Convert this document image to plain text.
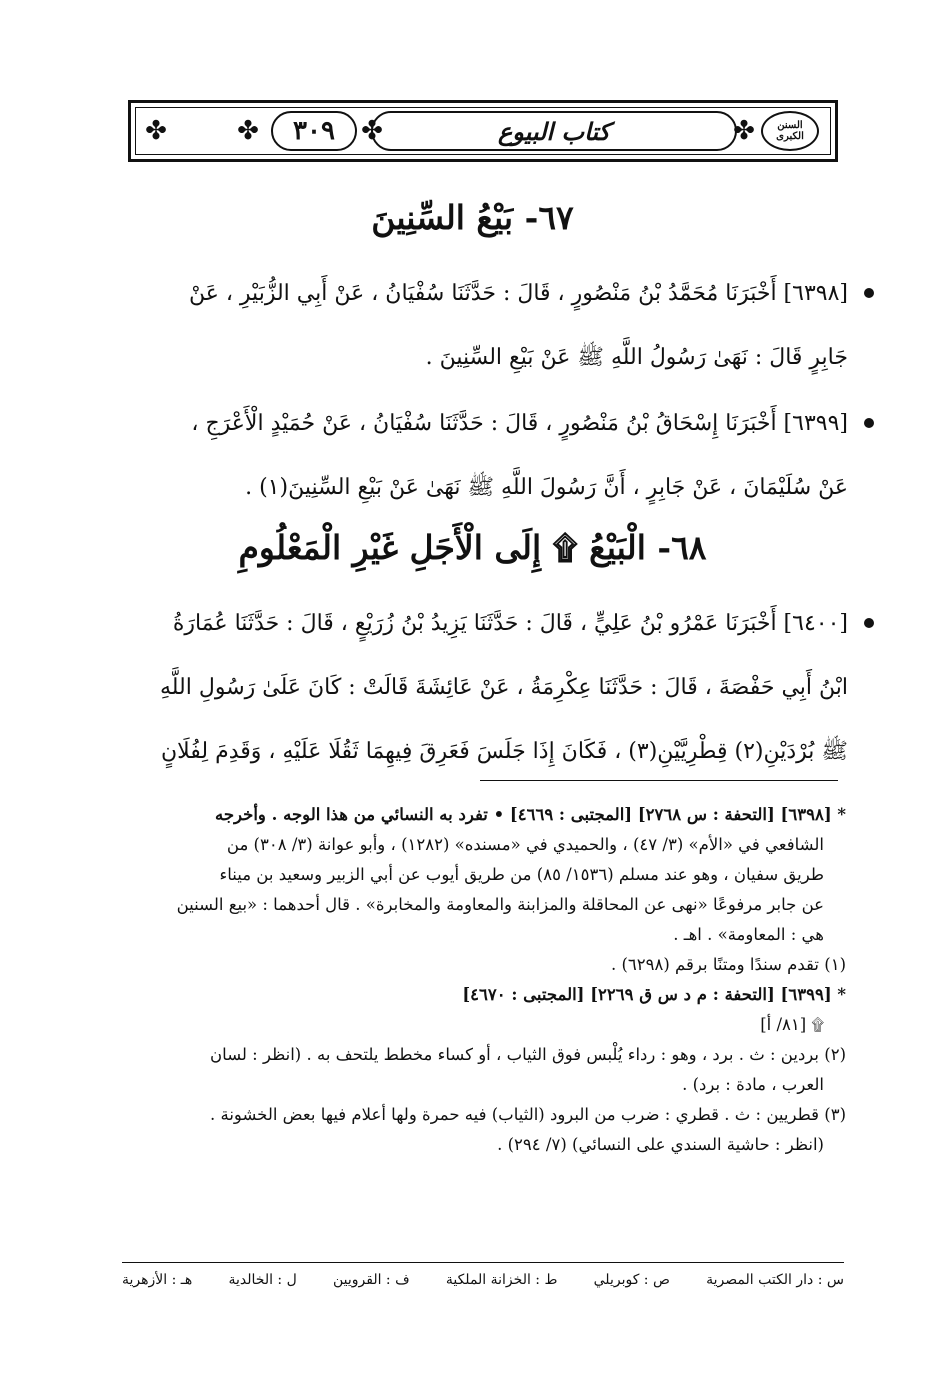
✤	٣٠٩
✤	✤	كتاب البيوع	✤	السنن الكبرى
٦٧- بَيْعُ السِّنِينَ
[٦٣٩٨] أَخْبَرَنَا مُحَمَّدُ بْنُ مَنْصُورٍ ، قَالَ : حَدَّثَنَا سُفْيَانُ ، عَنْ أَبِي الزُّبَيْرِ ، عَنْ
جَابِرٍ قَالَ : نَهَىٰ رَسُولُ اللَّهِ ﷺ عَنْ بَيْعِ السِّنِينَ .
[٦٣٩٩] أَخْبَرَنَا إِسْحَاقُ بْنُ مَنْصُورٍ ، قَالَ : حَدَّثَنَا سُفْيَانُ ، عَنْ حُمَيْدٍ الْأَعْرَجِ ،
عَنْ سُلَيْمَانَ ، عَنْ جَابِرٍ ، أَنَّ رَسُولَ اللَّهِ ﷺ نَهَىٰ عَنْ بَيْعِ السِّنِينَ(١) .
٦٨- الْبَيْعُ ۩ إِلَى الْأَجَلِ غَيْرِ الْمَعْلُومِ
[٦٤٠٠] أَخْبَرَنَا عَمْرُو بْنُ عَلِيٍّ ، قَالَ : حَدَّثَنَا يَزِيدُ بْنُ زُرَيْعٍ ، قَالَ : حَدَّثَنَا عُمَارَةُ
ابْنُ أَبِي حَفْصَةَ ، قَالَ : حَدَّثَنَا عِكْرِمَةُ ، عَنْ عَائِشَةَ قَالَتْ : كَانَ عَلَىٰ رَسُولِ اللَّهِ
ﷺ بُرْدَيْنِ(٢) قِطْرِيَّيْنِ(٣) ، فَكَانَ إِذَا جَلَسَ فَعَرِقَ فِيهِمَا ثَقُلَا عَلَيْهِ ، وَقَدِمَ لِفُلَانٍ
* [٦٣٩٨] [التحفة : س ٢٧٦٨] [المجتبى : ٤٦٦٩] • تفرد به النسائي من هذا الوجه . وأخرجه
الشافعي في «الأم» (٣/ ٤٧) ، والحميدي في «مسنده» (١٢٨٢) ، وأبو عوانة (٣/ ٣٠٨) من
طريق سفيان ، وهو عند مسلم (١٥٣٦/ ٨٥) من طريق أيوب عن أبي الزبير وسعيد بن ميناء
عن جابر مرفوعًا «نهى عن المحاقلة والمزابنة والمعاومة والمخابرة» . قال أحدهما : «بيع السنين
هي : المعاومة» . اهـ .
(١) تقدم سندًا ومتنًا برقم (٦٢٩٨) .
* [٦٣٩٩] [التحفة : م د س ق ٢٢٦٩] [المجتبى : ٤٦٧٠]
۩ [٨١/ أ]
(٢) بردين : ث . برد ، وهو : رداء يُلْبس فوق الثياب ، أو كساء مخطط يلتحف به . (انظر : لسان
العرب ، مادة : برد) .
(٣) قطريين : ث . قطري : ضرب من البرود (الثياب) فيه حمرة ولها أعلام فيها بعض الخشونة .
(انظر : حاشية السندي على النسائي) (٧/ ٢٩٤) .
س : دار الكتب المصرية
ص : كوبريلي
ط : الخزانة الملكية
ف : القرويين
ل : الخالدية
هـ : الأزهرية
